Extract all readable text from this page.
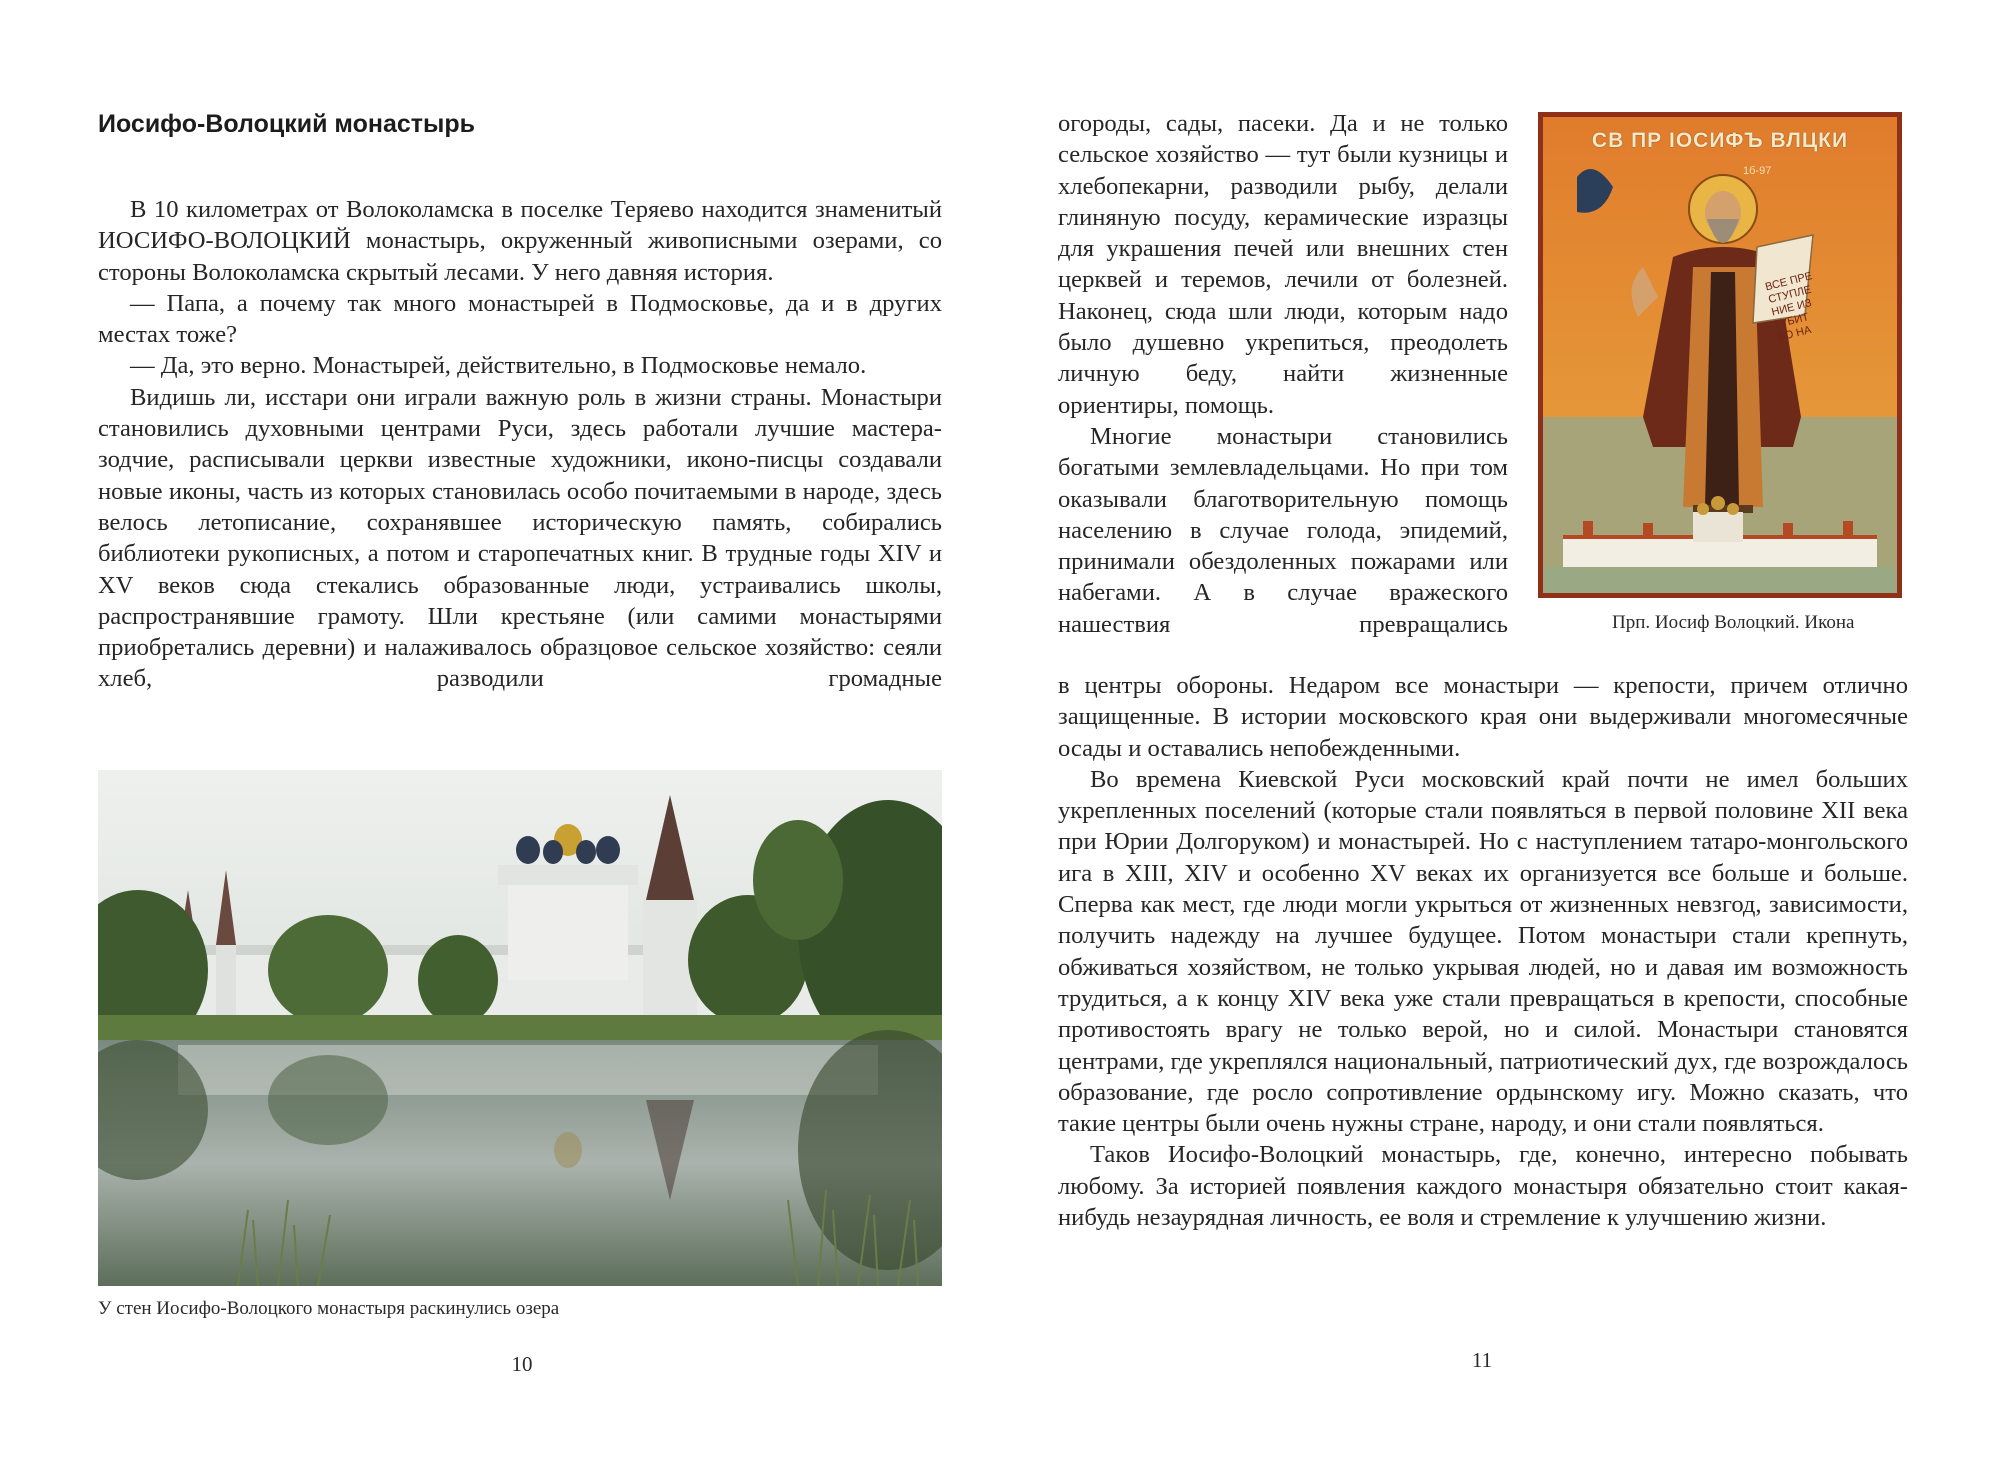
Иосифо-Волоцкий монастырь

В 10 километрах от Волоколамска в поселке Теряево находится знаменитый ИОСИФО-ВОЛОЦКИЙ монастырь, окруженный живописными озерами, со стороны Волоколамска скрытый лесами. У него давняя история.

— Папа, а почему так много монастырей в Подмосковье, да и в других местах тоже?

— Да, это верно. Монастырей, действительно, в Подмосковье немало.

Видишь ли, исстари они играли важную роль в жизни страны. Монастыри становились духовными центрами Руси, здесь работали лучшие мастера-зодчие, расписывали церкви известные художники, иконо-писцы создавали новые иконы, часть из которых становилась особо почитаемыми в народе, здесь велось летописание, сохранявшее историческую память, собирались библиотеки рукописных, а потом и старопечатных книг. В трудные годы XIV и XV веков сюда стекались образованные люди, устраивались школы, распространявшие грамоту. Шли крестьяне (или самими монастырями приобретались деревни) и налаживалось образцовое сельское хозяйство: сеяли хлеб, разводили громадные

У стен Иосифо-Волоцкого монастыря раскинулись озера
10

огороды, сады, пасеки. Да и не только сельское хозяйство — тут были кузницы и хлебопекарни, разводили рыбу, делали глиняную посуду, керамические изразцы для украшения печей или внешних стен церквей и теремов, лечили от болезней. Наконец, сюда шли люди, которым надо было душевно укрепиться, преодолеть личную беду, найти жизненные ориентиры, помощь.

Многие монастыри становились богатыми землевладельцами. Но при том оказывали благотворительную помощь населению в случае голода, эпидемий, принимали обездоленных пожарами или набегами. А в случае вражеского нашествия превращались

СВ ПР ІОСИФЪ ВЛЦКИ
1б-97
ВСЕ ПРЕ
СТУПЛЕ
НИЕ ИЗ
ГУБИТ
БО НА
Прп. Иосиф Волоцкий. Икона

в центры обороны. Недаром все монастыри — крепости, причем отлично защищенные. В истории московского края они выдерживали многомесячные осады и оставались непобежденными.

Во времена Киевской Руси московский край почти не имел больших укрепленных поселений (которые стали появляться в первой половине XII века при Юрии Долгоруком) и монастырей. Но с наступлением татаро-монгольского ига в XIII, XIV и особенно XV веках их организуется все больше и больше. Сперва как мест, где люди могли укрыться от жизненных невзгод, зависимости, получить надежду на лучшее будущее. Потом монастыри стали крепнуть, обживаться хозяйством, не только укрывая людей, но и давая им возможность трудиться, а к концу XIV века уже стали превращаться в крепости, способные противостоять врагу не только верой, но и силой. Монастыри становятся центрами, где укреплялся национальный, патриотический дух, где возрождалось образование, где росло сопротивление ордынскому игу. Можно сказать, что такие центры были очень нужны стране, народу, и они стали появляться.

Таков Иосифо-Волоцкий монастырь, где, конечно, интересно побывать любому. За историей появления каждого монастыря обязательно стоит какая-нибудь незаурядная личность, ее воля и стремление к улучшению жизни.

11
